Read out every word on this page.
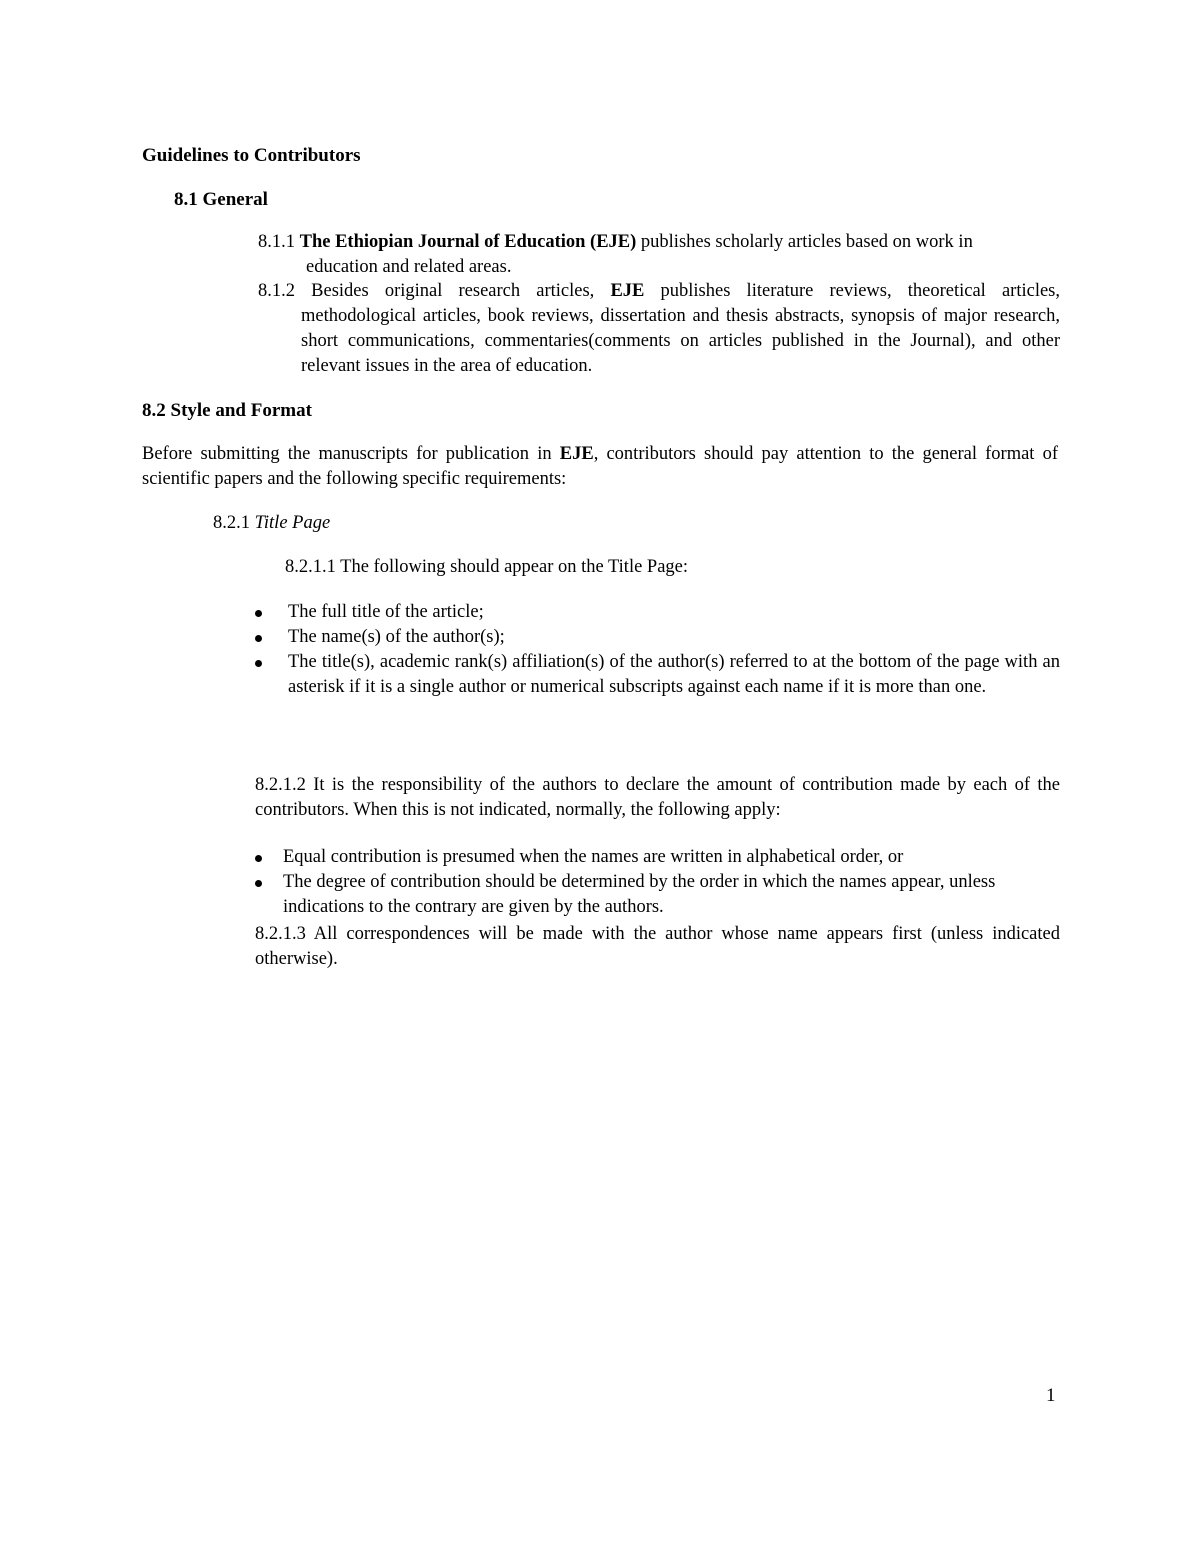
Guidelines to Contributors

8.1 General

8.1.1 The Ethiopian Journal of Education (EJE) publishes scholarly articles based on work in
education and related areas.
8.1.2 Besides original research articles, EJE publishes literature reviews, theoretical articles, methodological articles, book reviews, dissertation and thesis abstracts, synopsis of major research, short communications, commentaries(comments on articles published in the Journal), and other relevant issues in the area of education.

8.2 Style and Format

Before submitting the manuscripts for publication in EJE, contributors should pay attention to the general format of scientific papers and the following specific requirements:

8.2.1 Title Page

8.2.1.1 The following should appear on the Title Page:

The full title of the article;
The name(s) of the author(s);
The title(s), academic rank(s) affiliation(s) of the author(s) referred to at the bottom of the page with an asterisk if it is a single author or numerical subscripts against each name if it is more than one.

8.2.1.2 It is the responsibility of the authors to declare the amount of contribution made by each of the contributors. When this is not indicated, normally, the following apply:

Equal contribution is presumed when the names are written in alphabetical order, or
The degree of contribution should be determined by the order in which the names appear, unless indications to the contrary are given by the authors.

8.2.1.3 All correspondences will be made with the author whose name appears first (unless indicated otherwise).

1
